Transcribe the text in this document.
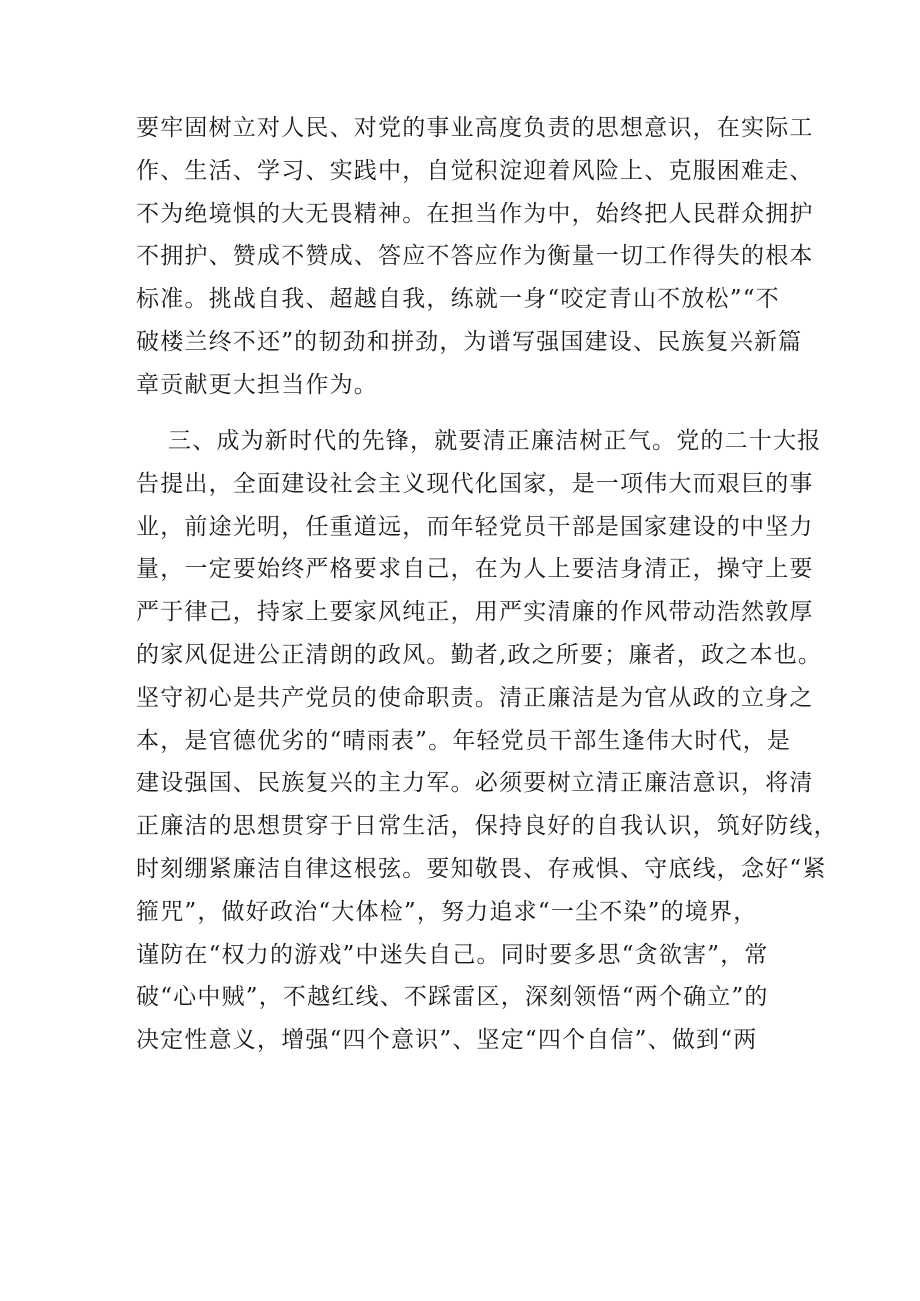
要牢固树立对人民、对党的事业高度负责的思想意识，在实际工
作、生活、学习、实践中，自觉积淀迎着风险上、克服困难走、
不为绝境惧的大无畏精神。在担当作为中，始终把人民群众拥护
不拥护、赞成不赞成、答应不答应作为衡量一切工作得失的根本
标准。挑战自我、超越自我，练就一身“咬定青山不放松”“不
破楼兰终不还”的韧劲和拼劲，为谱写强国建设、民族复兴新篇
章贡献更大担当作为。
三、成为新时代的先锋，就要清正廉洁树正气。党的二十大报
告提出，全面建设社会主义现代化国家，是一项伟大而艰巨的事
业，前途光明，任重道远，而年轻党员干部是国家建设的中坚力
量，一定要始终严格要求自己，在为人上要洁身清正，操守上要
严于律己，持家上要家风纯正，用严实清廉的作风带动浩然敦厚
的家风促进公正清朗的政风。勤者,政之所要；廉者，政之本也。
坚守初心是共产党员的使命职责。清正廉洁是为官从政的立身之
本，是官德优劣的“晴雨表”。年轻党员干部生逢伟大时代，是
建设强国、民族复兴的主力军。必须要树立清正廉洁意识，将清
正廉洁的思想贯穿于日常生活，保持良好的自我认识，筑好防线，
时刻绷紧廉洁自律这根弦。要知敬畏、存戒惧、守底线，念好“紧
箍咒”，做好政治“大体检”，努力追求“一尘不染”的境界，
谨防在“权力的游戏”中迷失自己。同时要多思“贪欲害”，常
破“心中贼”，不越红线、不踩雷区，深刻领悟“两个确立”的
决定性意义，增强“四个意识”、坚定“四个自信”、做到“两
